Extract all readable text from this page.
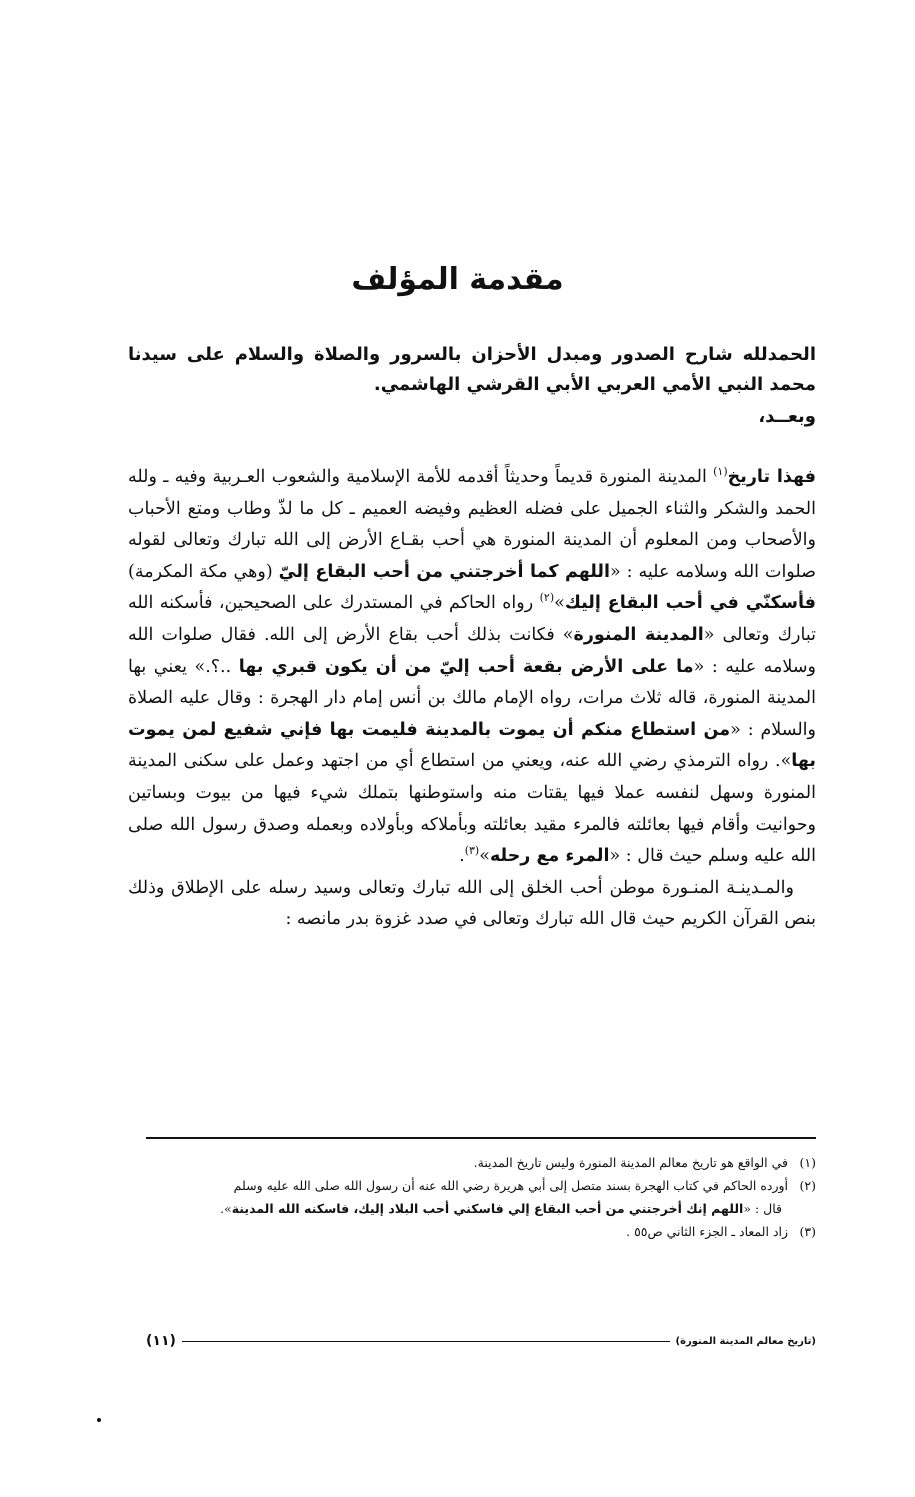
مقدمة المؤلف

الحمدلله شارح الصدور ومبدل الأحزان بالسرور والصلاة والسلام على سيدنا محمد النبي الأمي العربي الأبي القرشي الهاشمي.

وبعــد،

فهذا تاريخ$^{(١)}$ المدينة المنورة قديماً وحديثاً أقدمه للأمة الإسلامية والشعوب العـربية وفيه ـ ولله الحمد والشكر والثناء الجميل على فضله العظيم وفيضه العميم ـ كل ما لذّ وطاب ومتع الأحباب والأصحاب ومن المعلوم أن المدينة المنورة هي أحب بقـاع الأرض إلى الله تبارك وتعالى لقوله صلوات الله وسلامه عليه : «اللهم كما أخرجتني من أحب البقاع إليّ (وهي مكة المكرمة) فأسكنّي في أحب البقاع إليك»$^{(٢)}$ رواه الحاكم في المستدرك على الصحيحين، فأسكنه الله تبارك وتعالى «المدينة المنورة» فكانت بذلك أحب بقاع الأرض إلى الله. فقال صلوات الله وسلامه عليه : «ما على الأرض بقعة أحب إليّ من أن يكون قبري بها ..؟.» يعني بها المدينة المنورة، قاله ثلاث مرات، رواه الإمام مالك بن أنس إمام دار الهجرة : وقال عليه الصلاة والسلام : «من استطاع منكم أن يموت بالمدينة فليمت بها فإني شفيع لمن يموت بها». رواه الترمذي رضي الله عنه، ويعني من استطاع أي من اجتهد وعمل على سكنى المدينة المنورة وسهل لنفسه عملا فيها يقتات منه واستوطنها بتملك شيء فيها من بيوت وبساتين وحوانيت وأقام فيها بعائلته فالمرء مقيد بعائلته وبأملاكه وبأولاده وبعمله وصدق رسول الله صلى الله عليه وسلم حيث قال : «المرء مع رحله»$^{(٣)}$.

والمـدينـة المنـورة موطن أحب الخلق إلى الله تبارك وتعالى وسيد رسله على الإطلاق وذلك بنص القرآن الكريم حيث قال الله تبارك وتعالى في صدد غزوة بدر مانصه :

(١) في الواقع هو تاريخ معالم المدينة المنورة وليس تاريخ المدينة.

(٢) أورده الحاكم في كتاب الهجرة بسند متصل إلى أبي هريرة رضي الله عنه أن رسول الله صلى الله عليه وسلم

قال : «اللهم إنك أخرجتني من أحب البقاع إلي فاسكني أحب البلاد إليك، فاسكنه الله المدينة».

(٣) زاد المعاد ـ الجزء الثاني ص٥٥ .

(تاريخ معالم المدينة المنورة)
(١١)
